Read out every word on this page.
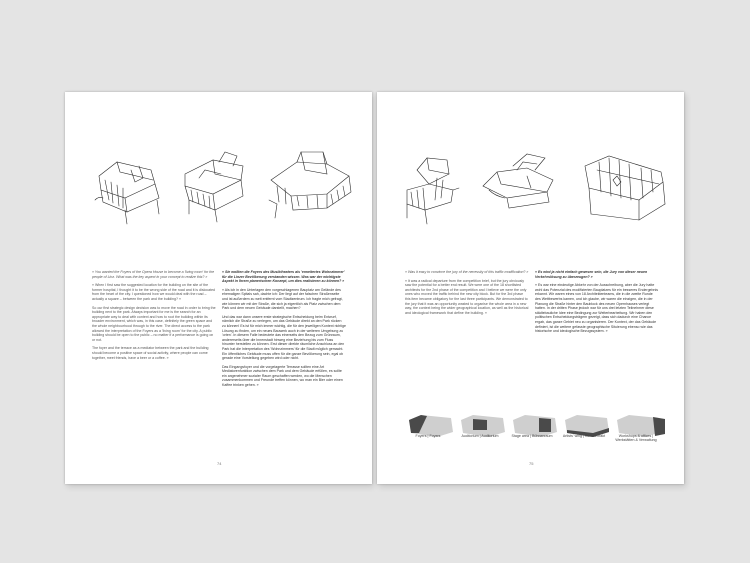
« You wanted the Foyers of the Opera House to become a 'living room' for the people of Linz. What was the key aspect in your concept to realize this? »

« When I first saw the suggested location for the building on the site of the former hospital, I thought it to be the wrong side of the road and it is dislocated from the heart of the city. I questioned how we would deal with the road – actually a square – between the park and the building? »

So our first strategic design decision was to move the road in order to bring the building next to the park. Always important for me is the search for an appropriate way to deal with context and how to root the building within its broader environment, which was, in this case, definitely the green space and the whole neighbourhood through to the river. The direct access to the park allowed the interpretation of the Foyers as a 'living room' for the city. A public building should be open to the public – no matter if a performance is going on or not.

The foyer and the terrace as a mediator between the park and the building should become a positive space of social activity, where people can come together, meet friends, have a beer or a coffee. »

« Sie wollten die Foyers des Musiktheaters als 'erweitertes Wohnzimmer' für die Linzer Bevölkerung verstanden wissen. Was war der wichtigste Aspekt in Ihrem planerischen Konzept, um dies realisieren zu können? »

« Als ich in den Unterlagen den vorgeschlagenen Bauplatz am Gelände des ehemaligen Spitals sah, dachte ich: Der liegt auf der falschen Straßenseite und ist außerdem zu weit entfernt vom Stadtzentrum. Ich fragte mich gefragt, wie können wir mit der Straße, die sich ja eigentlich als Platz zwischen dem Park und dem neuen Gebäude darstellt, machen?

Und das war dann unsere erste strategische Entscheidung beim Entwurf, nämlich die Straße zu verlegen, um das Gebäude direkt an den Park rücken zu können! Es ist für mich immer wichtig, die für den jeweiligen Kontext richtige Lösung zu finden, um ein neues Bauwerk auch in der weiteren Umgebung zu 'orten'. In diesem Falle bedeutete das einerseits den Bezug zum Grünraum, andererseits über die Innenstadt hinweg eine Beziehung bis zum Fluss hinunter herstellen zu können. Erst dieser direkte räumliche Anschluss an den Park hat die Interpretation des 'Wohnzimmers' für die Stadt möglich gemacht. Ein öffentliches Gebäude muss offen für die ganze Bevölkerung sein, egal ob gerade eine Vorstellung gegeben wird oder nicht.

Das Eingangsfoyer und die vorgelagerte Terrasse sollten eine Art Mediatorenfunktion zwischen dem Park und dem Gebäude erfüllen, es sollte ein angenehmer sozialer Raum geschaffen werden, wo die Menschen zusammenkommen und Freunde treffen können, wo man ein Bier oder einen Kaffee trinken gehen. »

74

« Was it easy to convince the jury of the necessity of this traffic modification? »

« It was a radical departure from the competition brief, but the jury obviously saw the potential for a better end result. We were one of the 18 shortlisted architects for the 2nd phase of the competition and I believe we were the only ones who moved the traffic behind the new city block. But for the 3rd phase this item became obligatory for the last three participants. We demonstrated to the jury that it was an opportunity wasted to organise the whole area in a new way, the context being the wider geographical location, as well as the historical and ideological framework that define the building. »

« Es wird ja nicht einfach gewesen sein, die Jury von dieser neuen Verkehrslösung zu überzeugen? »

« Es war eine eindeutige Abkehr von der Ausschreibung, aber die Jury hatte wohl das Potenzial des modifizierten Bauplatzes für ein besseres Endergebnis erkannt. Wir waren eines von 18 Architektenteams, die in die zweite Runde des Wettbewerbs kamen, und ich glaube, wir waren die einzigen, die in der Planung die Straße hinter den Baublock des neuen Opernhauses verlegt hatten. In der dritten Phase jedoch war für uns drei letzten Teilnehmer diese städtebauliche Idee eine Bedingung zur Weiterbearbeitung. Wir haben den politischen Entscheidungsträgern gezeigt, dass sich dadurch eine Chance ergab, das ganze Gebiet neu zu organisieren. Der Kontext, der das Gebäude definiert, ist die weitere gefasste geographische Situierung ebenso wie das historische und ideologische Bezugssystem. »

Foyers | Foyers	Auditorium | Auditorium	Stage area | Bühnenraum	Artists' wing | Künstlertrakt	Workshops & offices | Werkstätten & Verwaltung
75
